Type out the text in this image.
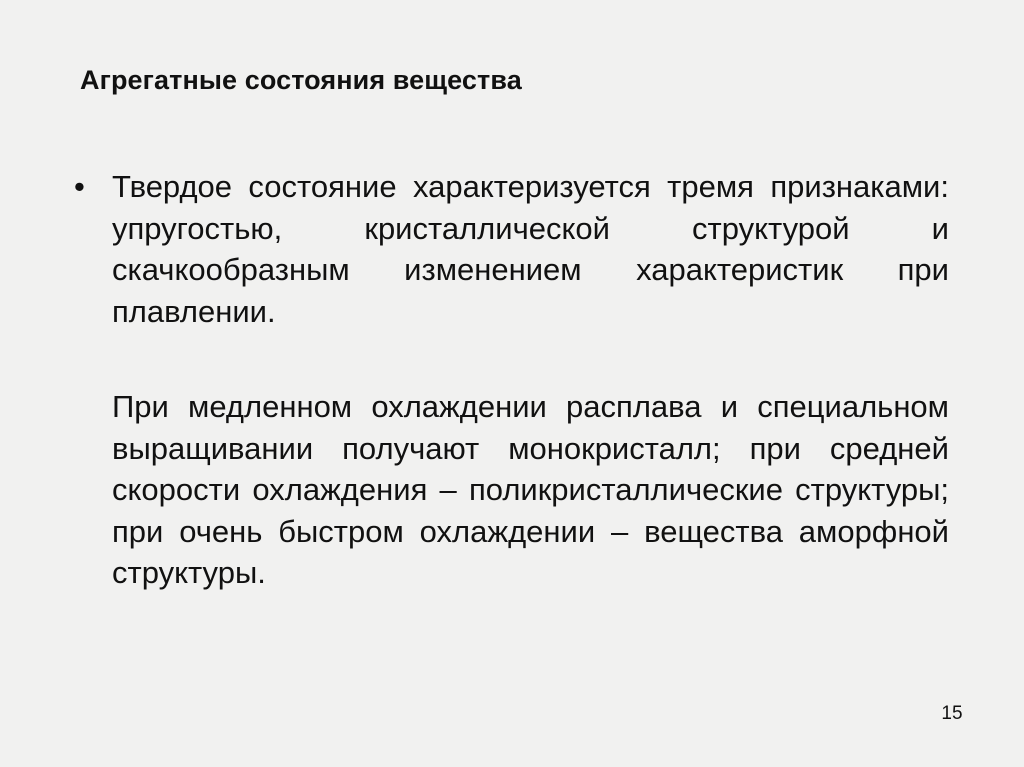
Агрегатные состояния вещества
• Твердое состояние характеризуется тремя признаками: упругостью, кристаллической структурой и скачкообразным изменением характеристик при плавлении.

При медленном охлаждении расплава и специальном выращивании получают монокристалл; при средней скорости охлаждения – поликристаллические структуры; при очень быстром охлаждении – вещества аморфной структуры.

15
